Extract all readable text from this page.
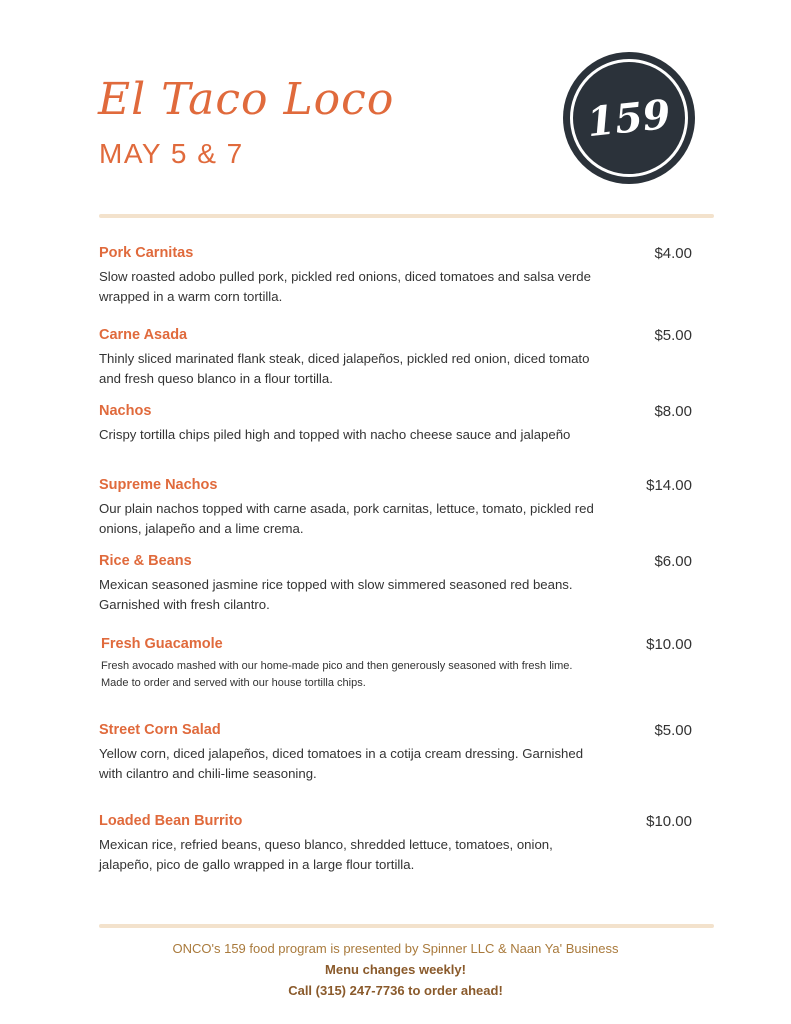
El Taco Loco
MAY 5 & 7
159
Pork Carnitas	$4.00
Slow roasted adobo pulled pork, pickled red onions, diced tomatoes and salsa verde wrapped in a warm corn tortilla.
Carne Asada	$5.00
Thinly sliced marinated flank steak, diced jalapeños, pickled red onion, diced tomato and fresh queso blanco in a flour tortilla.
Nachos	$8.00
Crispy tortilla chips piled high and topped with nacho cheese sauce and jalapeño
Supreme Nachos	$14.00
Our plain nachos topped with carne asada, pork carnitas, lettuce, tomato, pickled red onions, jalapeño and a lime crema.
Rice & Beans	$6.00
Mexican seasoned jasmine rice topped with slow simmered seasoned red beans. Garnished with fresh cilantro.
Fresh Guacamole	$10.00
Fresh avocado mashed with our home-made pico and then generously seasoned with fresh lime. Made to order and served with our house tortilla chips.
Street Corn Salad	$5.00
Yellow corn, diced jalapeños, diced tomatoes in a cotija cream dressing. Garnished with cilantro and chili-lime seasoning.
Loaded Bean Burrito	$10.00
Mexican rice, refried beans, queso blanco, shredded lettuce, tomatoes, onion, jalapeño, pico de gallo wrapped in a large flour tortilla.
ONCO's 159 food program is presented by Spinner LLC & Naan Ya' Business
Menu changes weekly!
Call (315) 247-7736 to order ahead!
